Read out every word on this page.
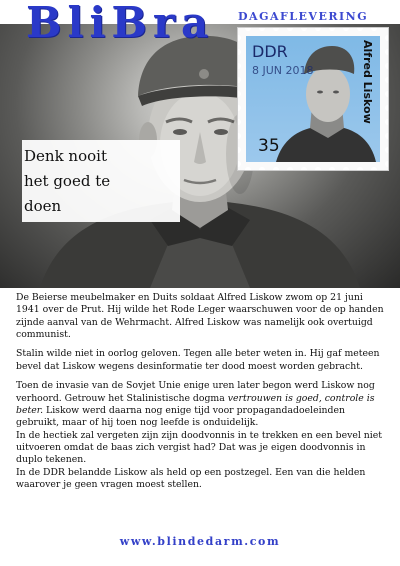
BliBra DAGAFLEVERING
DDR
8 JUN 2018	Alfred Liskow
35
Denk nooit
het goed te
doen

De Beierse meubelmaker en Duits soldaat Alfred Liskow zwom op 21 juni 1941 over de Prut. Hij wilde het Rode Leger waarschuwen voor de op handen zijnde aanval van de Wehrmacht. Alfred Liskow was namelijk ook overtuigd communist.

Stalin wilde niet in oorlog geloven. Tegen alle beter weten in. Hij gaf meteen bevel dat Liskow wegens desinformatie ter dood moest worden gebracht.

Toen de invasie van de Sovjet Unie enige uren later begon werd Liskow nog verhoord. Getrouw het Stalinistische dogma vertrouwen is goed, controle is beter. Liskow werd daarna nog enige tijd voor propagandadoeleinden gebruikt, maar of hij toen nog leefde is onduidelijk.

In de hectiek zal vergeten zijn zijn doodvonnis in te trekken en een bevel niet uitvoeren omdat de baas zich vergist had? Dat was je eigen doodvonnis in duplo tekenen.

In de DDR belandde Liskow als held op een postzegel. Een van die helden waarover je geen vragen moest stellen.

www.blindedarm.com
